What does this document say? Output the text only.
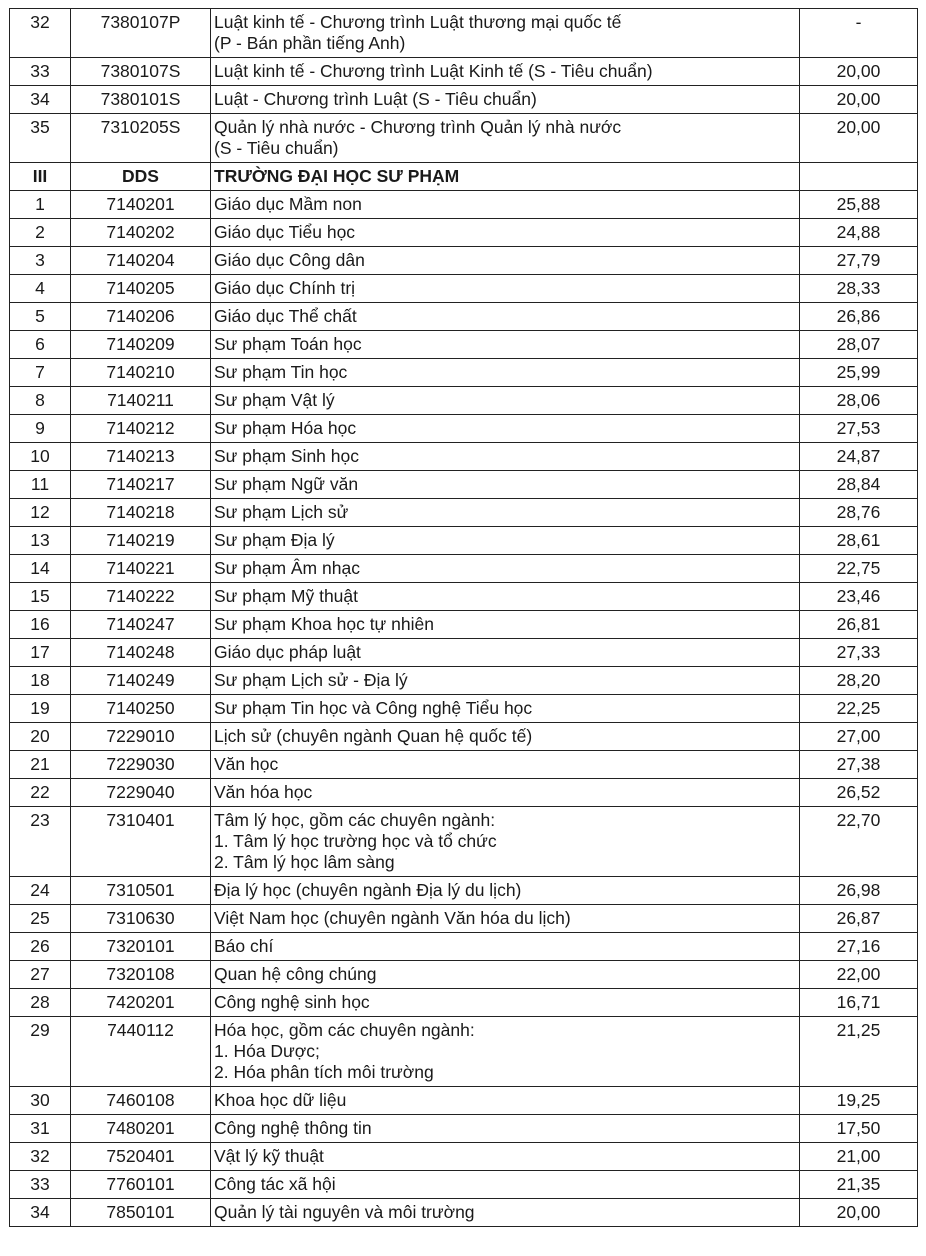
32	7380107P	Luật kinh tế - Chương trình Luật thương mại quốc tế
(P - Bán phần tiếng Anh)	-
33	7380107S	Luật kinh tế - Chương trình Luật Kinh tế (S - Tiêu chuẩn)	20,00
34	7380101S	Luật - Chương trình Luật (S - Tiêu chuẩn)	20,00
35	7310205S	Quản lý nhà nước - Chương trình Quản lý nhà nước
(S - Tiêu chuẩn)	20,00
III	DDS	TRƯỜNG ĐẠI HỌC SƯ PHẠM	

1	7140201	Giáo dục Mầm non	25,88
2	7140202	Giáo dục Tiểu học	24,88
3	7140204	Giáo dục Công dân	27,79
4	7140205	Giáo dục Chính trị	28,33
5	7140206	Giáo dục Thể chất	26,86
6	7140209	Sư phạm Toán học	28,07
7	7140210	Sư phạm Tin học	25,99
8	7140211	Sư phạm Vật lý	28,06
9	7140212	Sư phạm Hóa học	27,53
10	7140213	Sư phạm Sinh học	24,87
11	7140217	Sư phạm Ngữ văn	28,84
12	7140218	Sư phạm Lịch sử	28,76
13	7140219	Sư phạm Địa lý	28,61
14	7140221	Sư phạm Âm nhạc	22,75
15	7140222	Sư phạm Mỹ thuật	23,46
16	7140247	Sư phạm Khoa học tự nhiên	26,81
17	7140248	Giáo dục pháp luật	27,33
18	7140249	Sư phạm Lịch sử - Địa lý	28,20
19	7140250	Sư phạm Tin học và Công nghệ Tiểu học	22,25
20	7229010	Lịch sử (chuyên ngành Quan hệ quốc tế)	27,00
21	7229030	Văn học	27,38
22	7229040	Văn hóa học	26,52
23	7310401	Tâm lý học, gồm các chuyên ngành:
1. Tâm lý học trường học và tổ chức
2. Tâm lý học lâm sàng	22,70
24	7310501	Địa lý học (chuyên ngành Địa lý du lịch)	26,98
25	7310630	Việt Nam học (chuyên ngành Văn hóa du lịch)	26,87
26	7320101	Báo chí	27,16
27	7320108	Quan hệ công chúng	22,00
28	7420201	Công nghệ sinh học	16,71
29	7440112	Hóa học, gồm các chuyên ngành:
1. Hóa Dược;
2. Hóa phân tích môi trường	21,25
30	7460108	Khoa học dữ liệu	19,25
31	7480201	Công nghệ thông tin	17,50
32	7520401	Vật lý kỹ thuật	21,00
33	7760101	Công tác xã hội	21,35
34	7850101	Quản lý tài nguyên và môi trường	20,00
